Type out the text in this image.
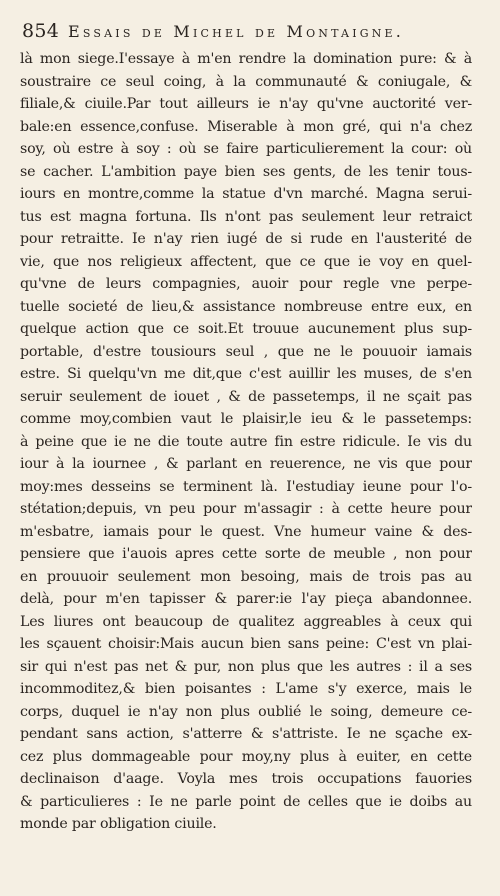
854 Essais de Michel de Montaigne.
là mon siege.I'essaye à m'en rendre la domination pure: & à
soustraire ce seul coing, à la communauté & coniugale, &
filiale,& ciuile.Par tout ailleurs ie n'ay qu'vne auctorité ver-
bale:en essence,confuse. Miserable à mon gré, qui n'a chez
soy, où estre à soy : où se faire particulierement la cour: où
se cacher. L'ambition paye bien ses gents, de les tenir tous-
iours en montre,comme la statue d'vn marché. Magna serui-
tus est magna fortuna. Ils n'ont pas seulement leur retraict
pour retraitte. Ie n'ay rien iugé de si rude en l'austerité de
vie, que nos religieux affectent, que ce que ie voy en quel-
qu'vne de leurs compagnies, auoir pour regle vne perpe-
tuelle societé de lieu,& assistance nombreuse entre eux, en
quelque action que ce soit.Et trouue aucunement plus sup-
portable, d'estre tousiours seul , que ne le pouuoir iamais
estre. Si quelqu'vn me dit,que c'est auillir les muses, de s'en
seruir seulement de iouet , & de passetemps, il ne sçait pas
comme moy,combien vaut le plaisir,le ieu & le passetemps:
à peine que ie ne die toute autre fin estre ridicule. Ie vis du
iour à la iournee , & parlant en reuerence, ne vis que pour
moy:mes desseins se terminent là. I'estudiay ieune pour l'o-
stétation;depuis, vn peu pour m'assagir : à cette heure pour
m'esbatre, iamais pour le quest. Vne humeur vaine & des-
pensiere que i'auois apres cette sorte de meuble , non pour
en prouuoir seulement mon besoing, mais de trois pas au
delà, pour m'en tapisser & parer:ie l'ay pieça abandonnee.
Les liures ont beaucoup de qualitez aggreables à ceux qui
les sçauent choisir:Mais aucun bien sans peine: C'est vn plai-
sir qui n'est pas net & pur, non plus que les autres : il a ses
incommoditez,& bien poisantes : L'ame s'y exerce, mais le
corps, duquel ie n'ay non plus oublié le soing, demeure ce-
pendant sans action, s'atterre & s'attriste. Ie ne sçache ex-
cez plus dommageable pour moy,ny plus à euiter, en cette
declinaison d'aage. Voyla mes trois occupations fauories
& particulieres : Ie ne parle point de celles que ie doibs au
monde par obligation ciuile.
